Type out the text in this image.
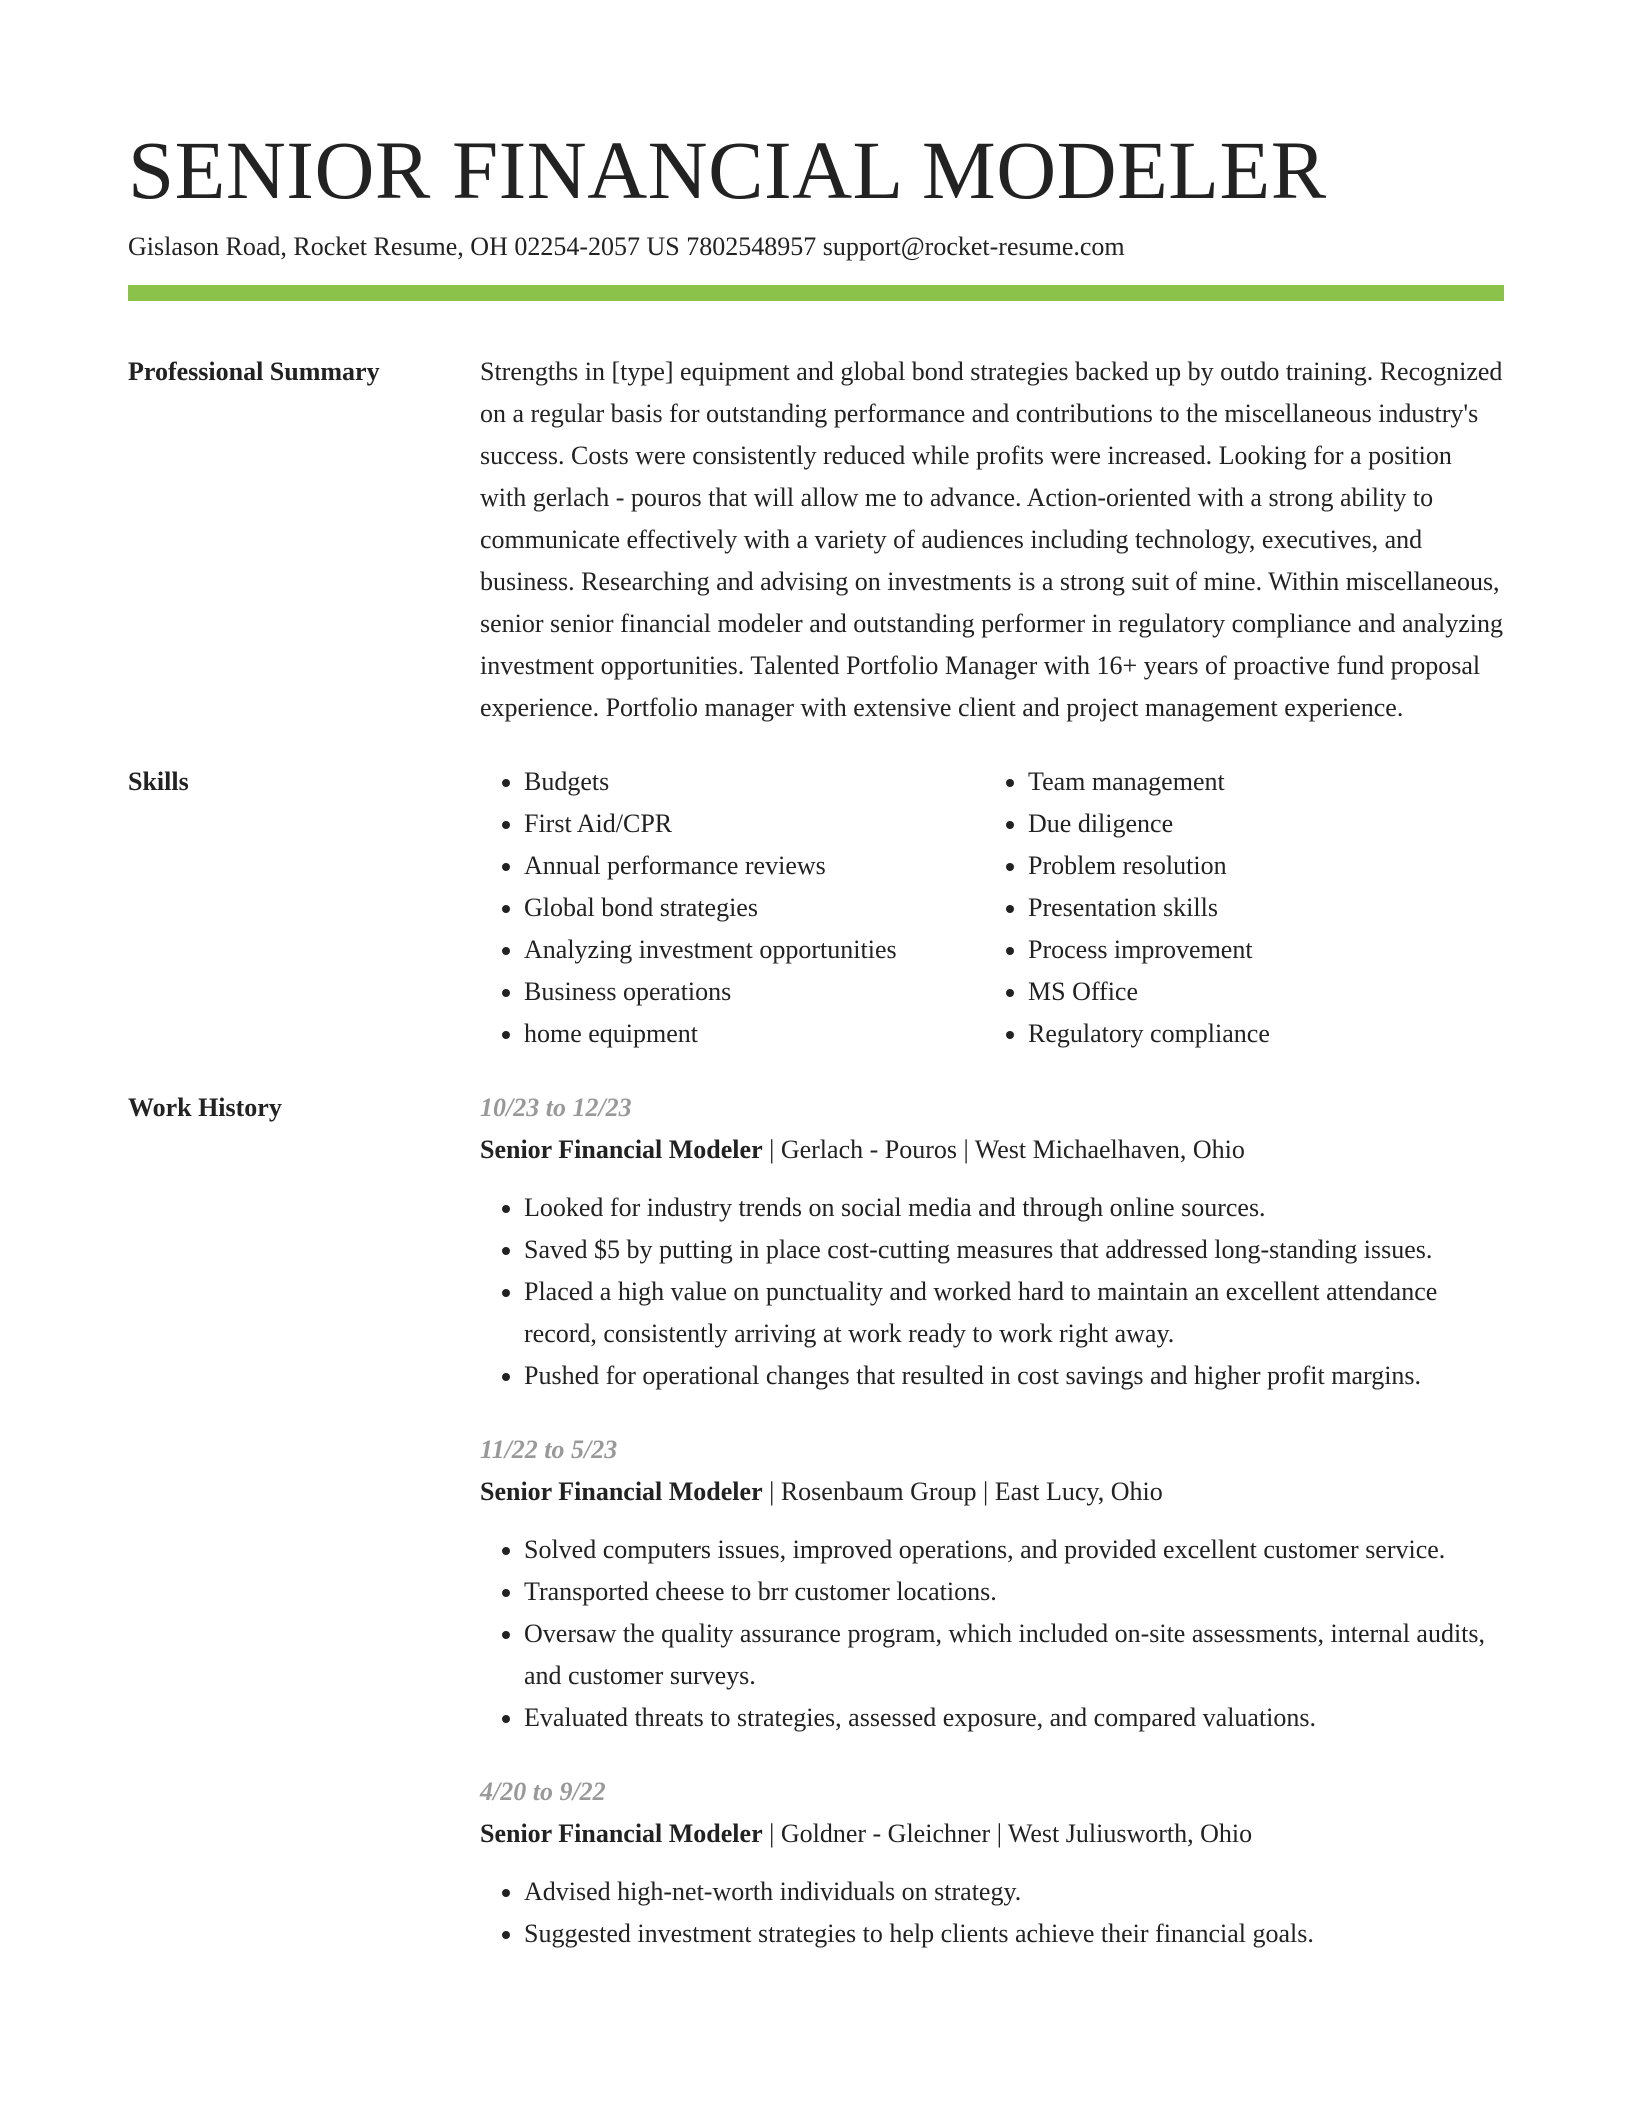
SENIOR FINANCIAL MODELER
Gislason Road, Rocket Resume, OH 02254-2057 US 7802548957 support@rocket-resume.com
Professional Summary	Strengths in [type] equipment and global bond strategies backed up by outdo training. Recognized on a regular basis for outstanding performance and contributions to the miscellaneous industry's success. Costs were consistently reduced while profits were increased. Looking for a position with gerlach - pouros that will allow me to advance. Action-oriented with a strong ability to communicate effectively with a variety of audiences including technology, executives, and business. Researching and advising on investments is a strong suit of mine. Within miscellaneous, senior senior financial modeler and outstanding performer in regulatory compliance and analyzing investment opportunities. Talented Portfolio Manager with 16+ years of proactive fund proposal experience. Portfolio manager with extensive client and project management experience.

Skills
•	Budgets
• First Aid/CPR
• Annual performance reviews
• Global bond strategies
• Analyzing investment opportunities
• Business operations
• home equipment
• Team management
• Due diligence
• Problem resolution
• Presentation skills
• Process improvement
• MS Office
• Regulatory compliance
Work History	10/23 to 12/23
Senior Financial Modeler | Gerlach - Pouros | West Michaelhaven, Ohio
• Looked for industry trends on social media and through online sources.
• Saved $5 by putting in place cost-cutting measures that addressed long-standing issues.
• Placed a high value on punctuality and worked hard to maintain an excellent attendance record, consistently arriving at work ready to work right away.
• Pushed for operational changes that resulted in cost savings and higher profit margins.
11/22 to 5/23
Senior Financial Modeler | Rosenbaum Group | East Lucy, Ohio
• Solved computers issues, improved operations, and provided excellent customer service.
• Transported cheese to brr customer locations.
• Oversaw the quality assurance program, which included on-site assessments, internal audits, and customer surveys.
• Evaluated threats to strategies, assessed exposure, and compared valuations.
4/20 to 9/22
Senior Financial Modeler | Goldner - Gleichner | West Juliusworth, Ohio
• Advised high-net-worth individuals on strategy.
• Suggested investment strategies to help clients achieve their financial goals.
